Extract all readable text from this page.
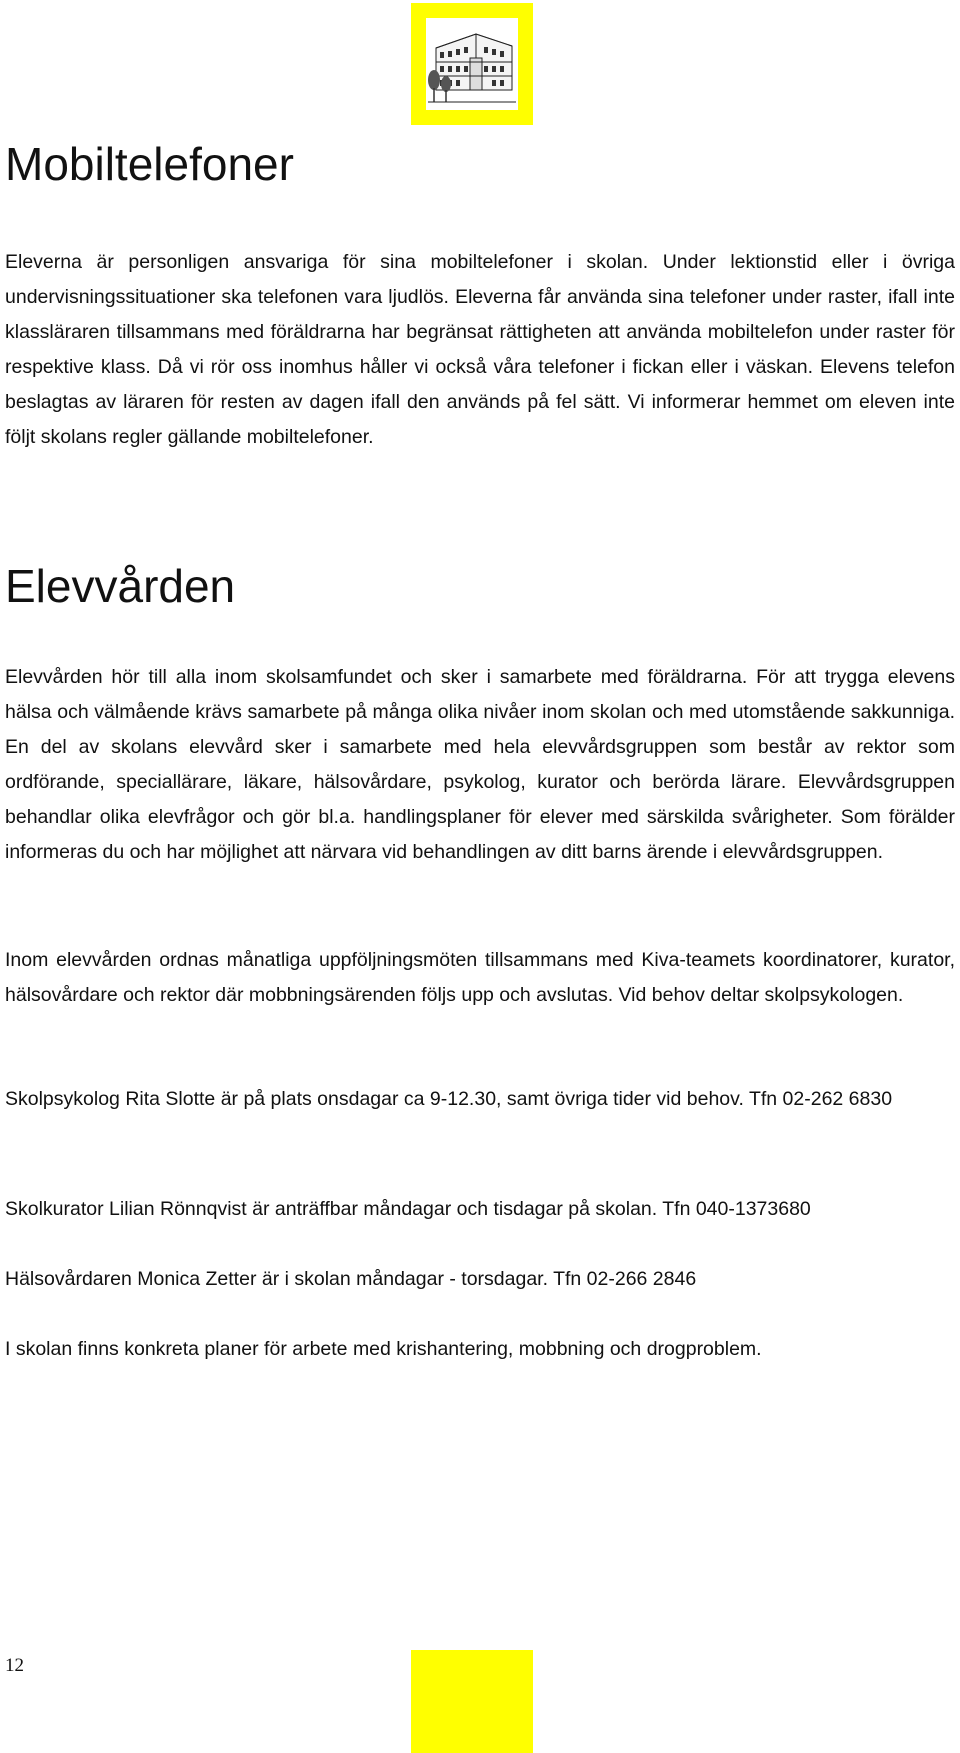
Mobiltelefoner

Eleverna är personligen ansvariga för sina mobiltelefoner i skolan. Under lektionstid eller i övriga undervisningssituationer ska telefonen vara ljudlös. Eleverna får använda sina telefoner under raster, ifall inte klassläraren tillsammans med föräldrarna har begränsat rättigheten att använda mobiltelefon under raster för respektive klass. Då vi rör oss inomhus håller vi också våra telefoner i fickan eller i väskan. Elevens telefon beslagtas av läraren för resten av dagen ifall den används på fel sätt. Vi informerar hemmet om eleven inte följt skolans regler gällande mobiltelefoner.

Elevvården

Elevvården hör till alla inom skolsamfundet och sker i samarbete med föräldrarna. För att trygga elevens hälsa och välmående krävs samarbete på många olika nivåer inom skolan och med utomstående sakkunniga. En del av skolans elevvård sker i samarbete med hela elevvårdsgruppen som består av rektor som ordförande, speciallärare, läkare, hälsovårdare, psykolog, kurator och berörda lärare. Elevvårdsgruppen behandlar olika elevfrågor och gör bl.a. handlingsplaner för elever med särskilda svårigheter. Som förälder informeras du och har möjlighet att närvara vid behandlingen av ditt barns ärende i elevvårdsgruppen.

Inom elevvården ordnas månatliga uppföljningsmöten tillsammans med Kiva-teamets koordinatorer, kurator, hälsovårdare och rektor där mobbningsärenden följs upp och avslutas. Vid behov deltar skolpsykologen.

Skolpsykolog Rita Slotte är på plats onsdagar ca 9-12.30, samt övriga tider vid behov. Tfn 02-262 6830

Skolkurator Lilian Rönnqvist är anträffbar måndagar och tisdagar på skolan. Tfn 040-1373680

Hälsovårdaren Monica Zetter är i skolan måndagar - torsdagar. Tfn 02-266 2846

I skolan finns konkreta planer för arbete med krishantering, mobbning och drogproblem.

12
